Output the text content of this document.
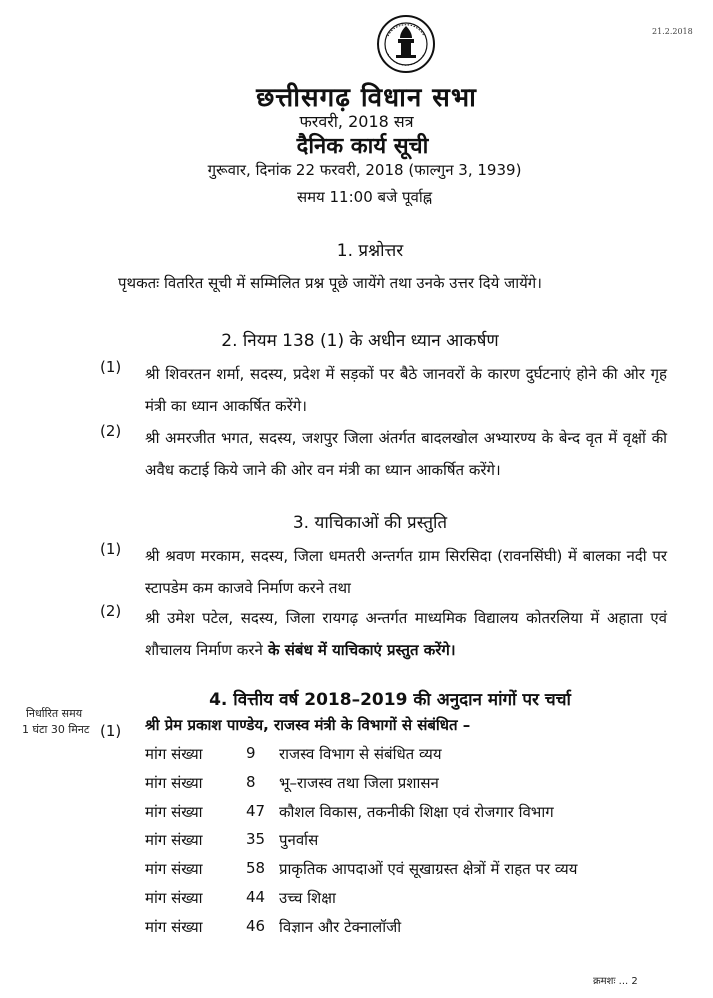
21.2.2018
छत्तीसगढ़ विधान सभा
फरवरी, 2018 सत्र
दैनिक कार्य सूची
गुरूवार, दिनांक 22 फरवरी, 2018 (फाल्गुन 3, 1939)
समय 11:00 बजे पूर्वाह्न
1. प्रश्नोत्तर
पृथकतः वितरित सूची में सम्मिलित प्रश्न पूछे जायेंगे तथा उनके उत्तर दिये जायेंगे।
2. नियम 138 (1) के अधीन ध्यान आकर्षण
(1) श्री शिवरतन शर्मा, सदस्य, प्रदेश में सड़कों पर बैठे जानवरों के कारण दुर्घटनाएं होने की ओर गृह मंत्री का ध्यान आकर्षित करेंगे।
(2) श्री अमरजीत भगत, सदस्य, जशपुर जिला अंतर्गत बादलखोल अभ्यारण्य के बेन्द वृत में वृक्षों की अवैध कटाई किये जाने की ओर वन मंत्री का ध्यान आकर्षित करेंगे।
3. याचिकाओं की प्रस्तुति
(1) श्री श्रवण मरकाम, सदस्य, जिला धमतरी अन्तर्गत ग्राम सिरसिदा (रावनसिंघी) में बालका नदी पर स्टापडेम कम काजवे निर्माण करने तथा
(2) श्री उमेश पटेल, सदस्य, जिला रायगढ़ अन्तर्गत माध्यमिक विद्यालय कोतरलिया में अहाता एवं शौचालय निर्माण करने के संबंध में याचिकाएं प्रस्तुत करेंगे।
4. वित्तीय वर्ष 2018–2019 की अनुदान मांगों पर चर्चा
निर्धारित समय
1 घंटा 30 मिनट (1) श्री प्रेम प्रकाश पाण्डेय, राजस्व मंत्री के विभागों से संबंधित –
मांग संख्या	9	राजस्व विभाग से संबंधित व्यय
मांग संख्या	8	भू–राजस्व तथा जिला प्रशासन
मांग संख्या	47 कौशल विकास, तकनीकी शिक्षा एवं रोजगार विभाग
मांग संख्या	35 पुनर्वास
मांग संख्या	58 प्राकृतिक आपदाओं एवं सूखाग्रस्त क्षेत्रों में राहत पर व्यय
मांग संख्या	44 उच्च शिक्षा
मांग संख्या	46 विज्ञान और टेक्नालॉजी
क्रमशः ... 2
